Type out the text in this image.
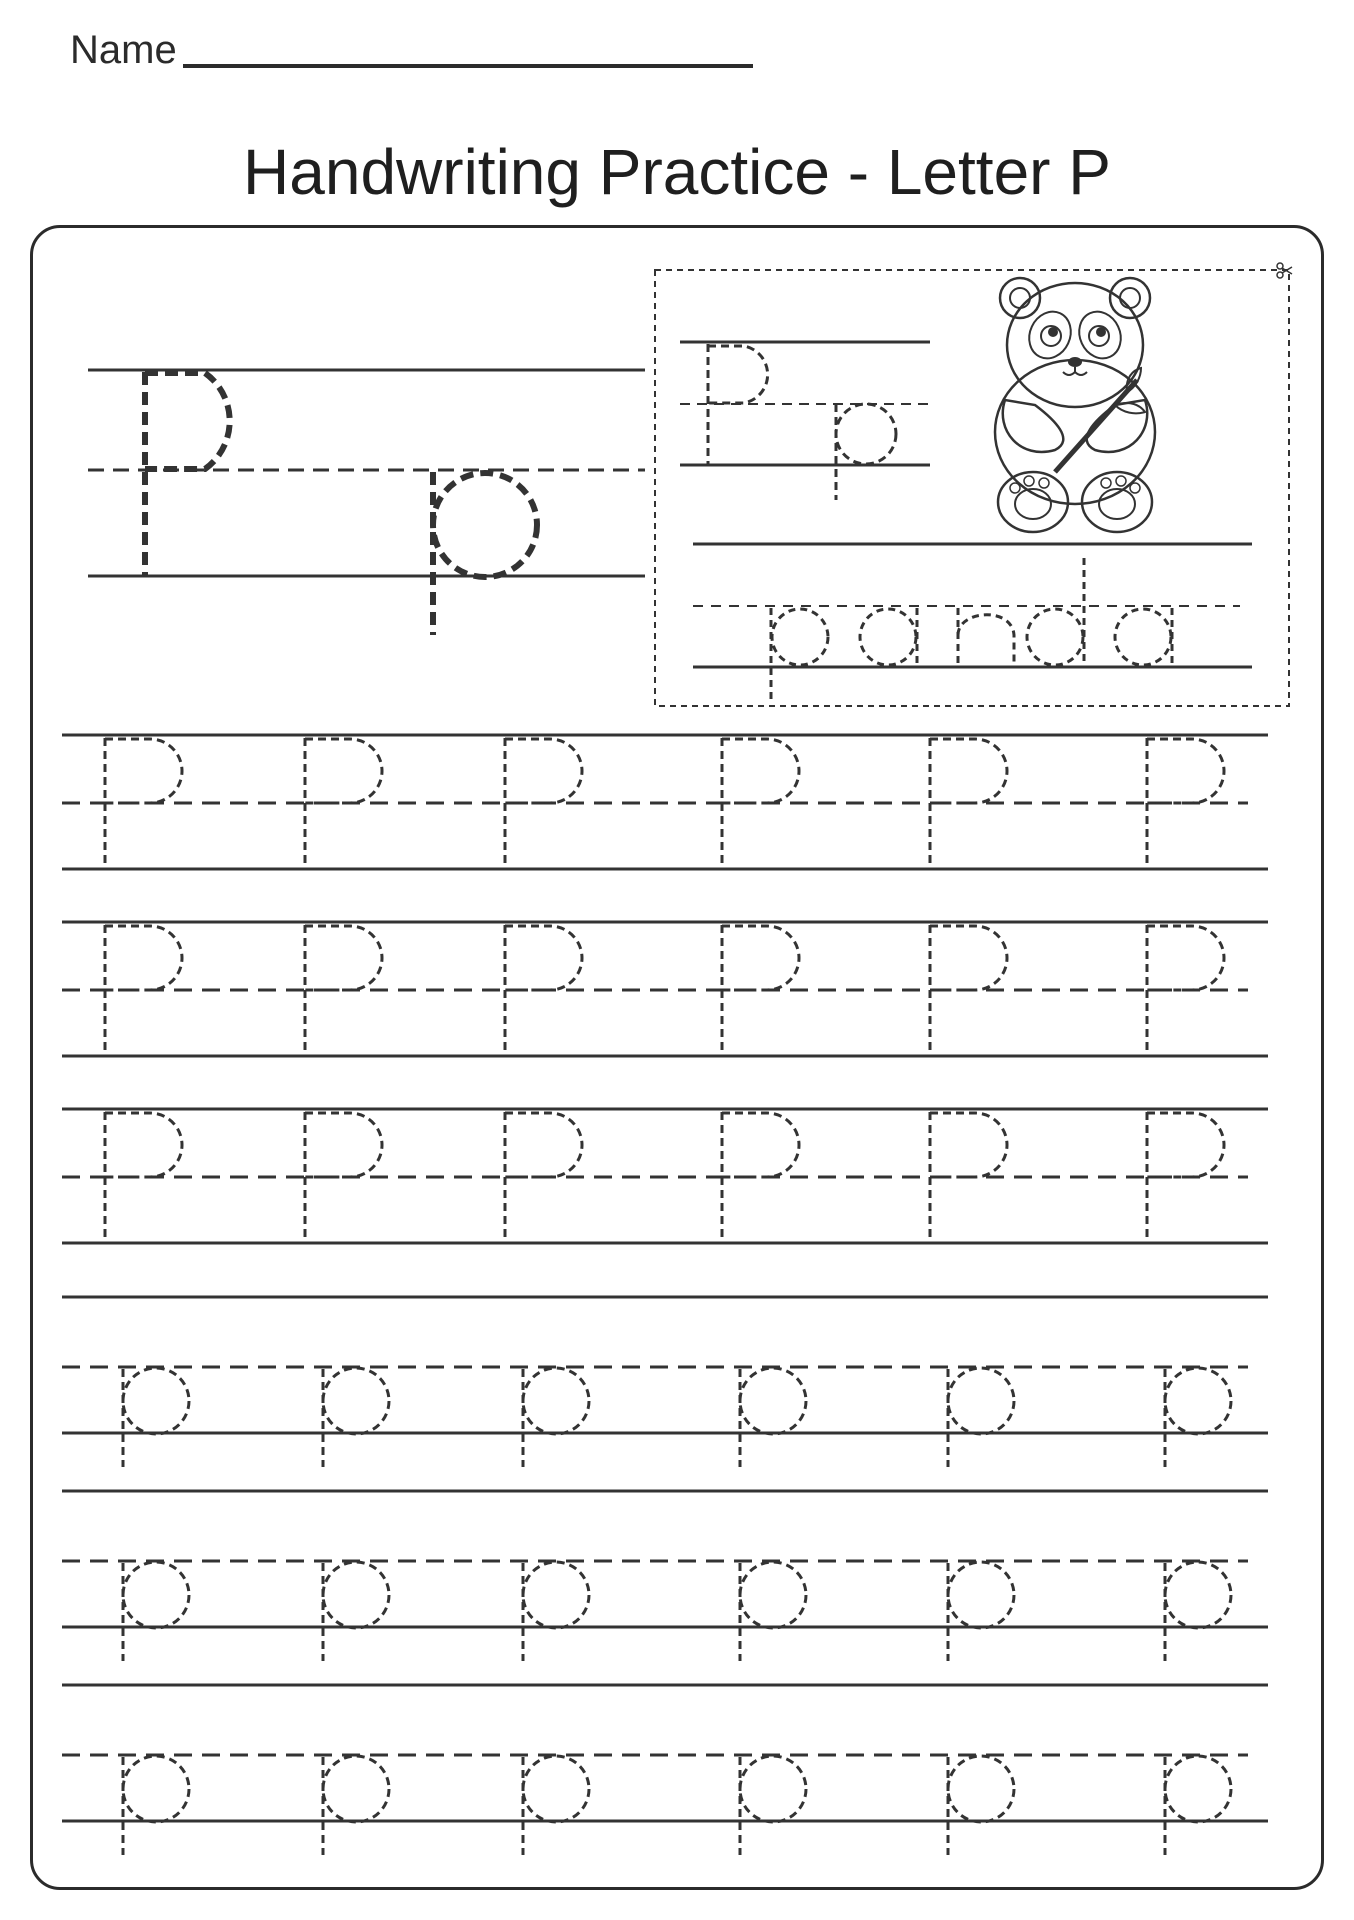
Name
Handwriting Practice - Letter P
